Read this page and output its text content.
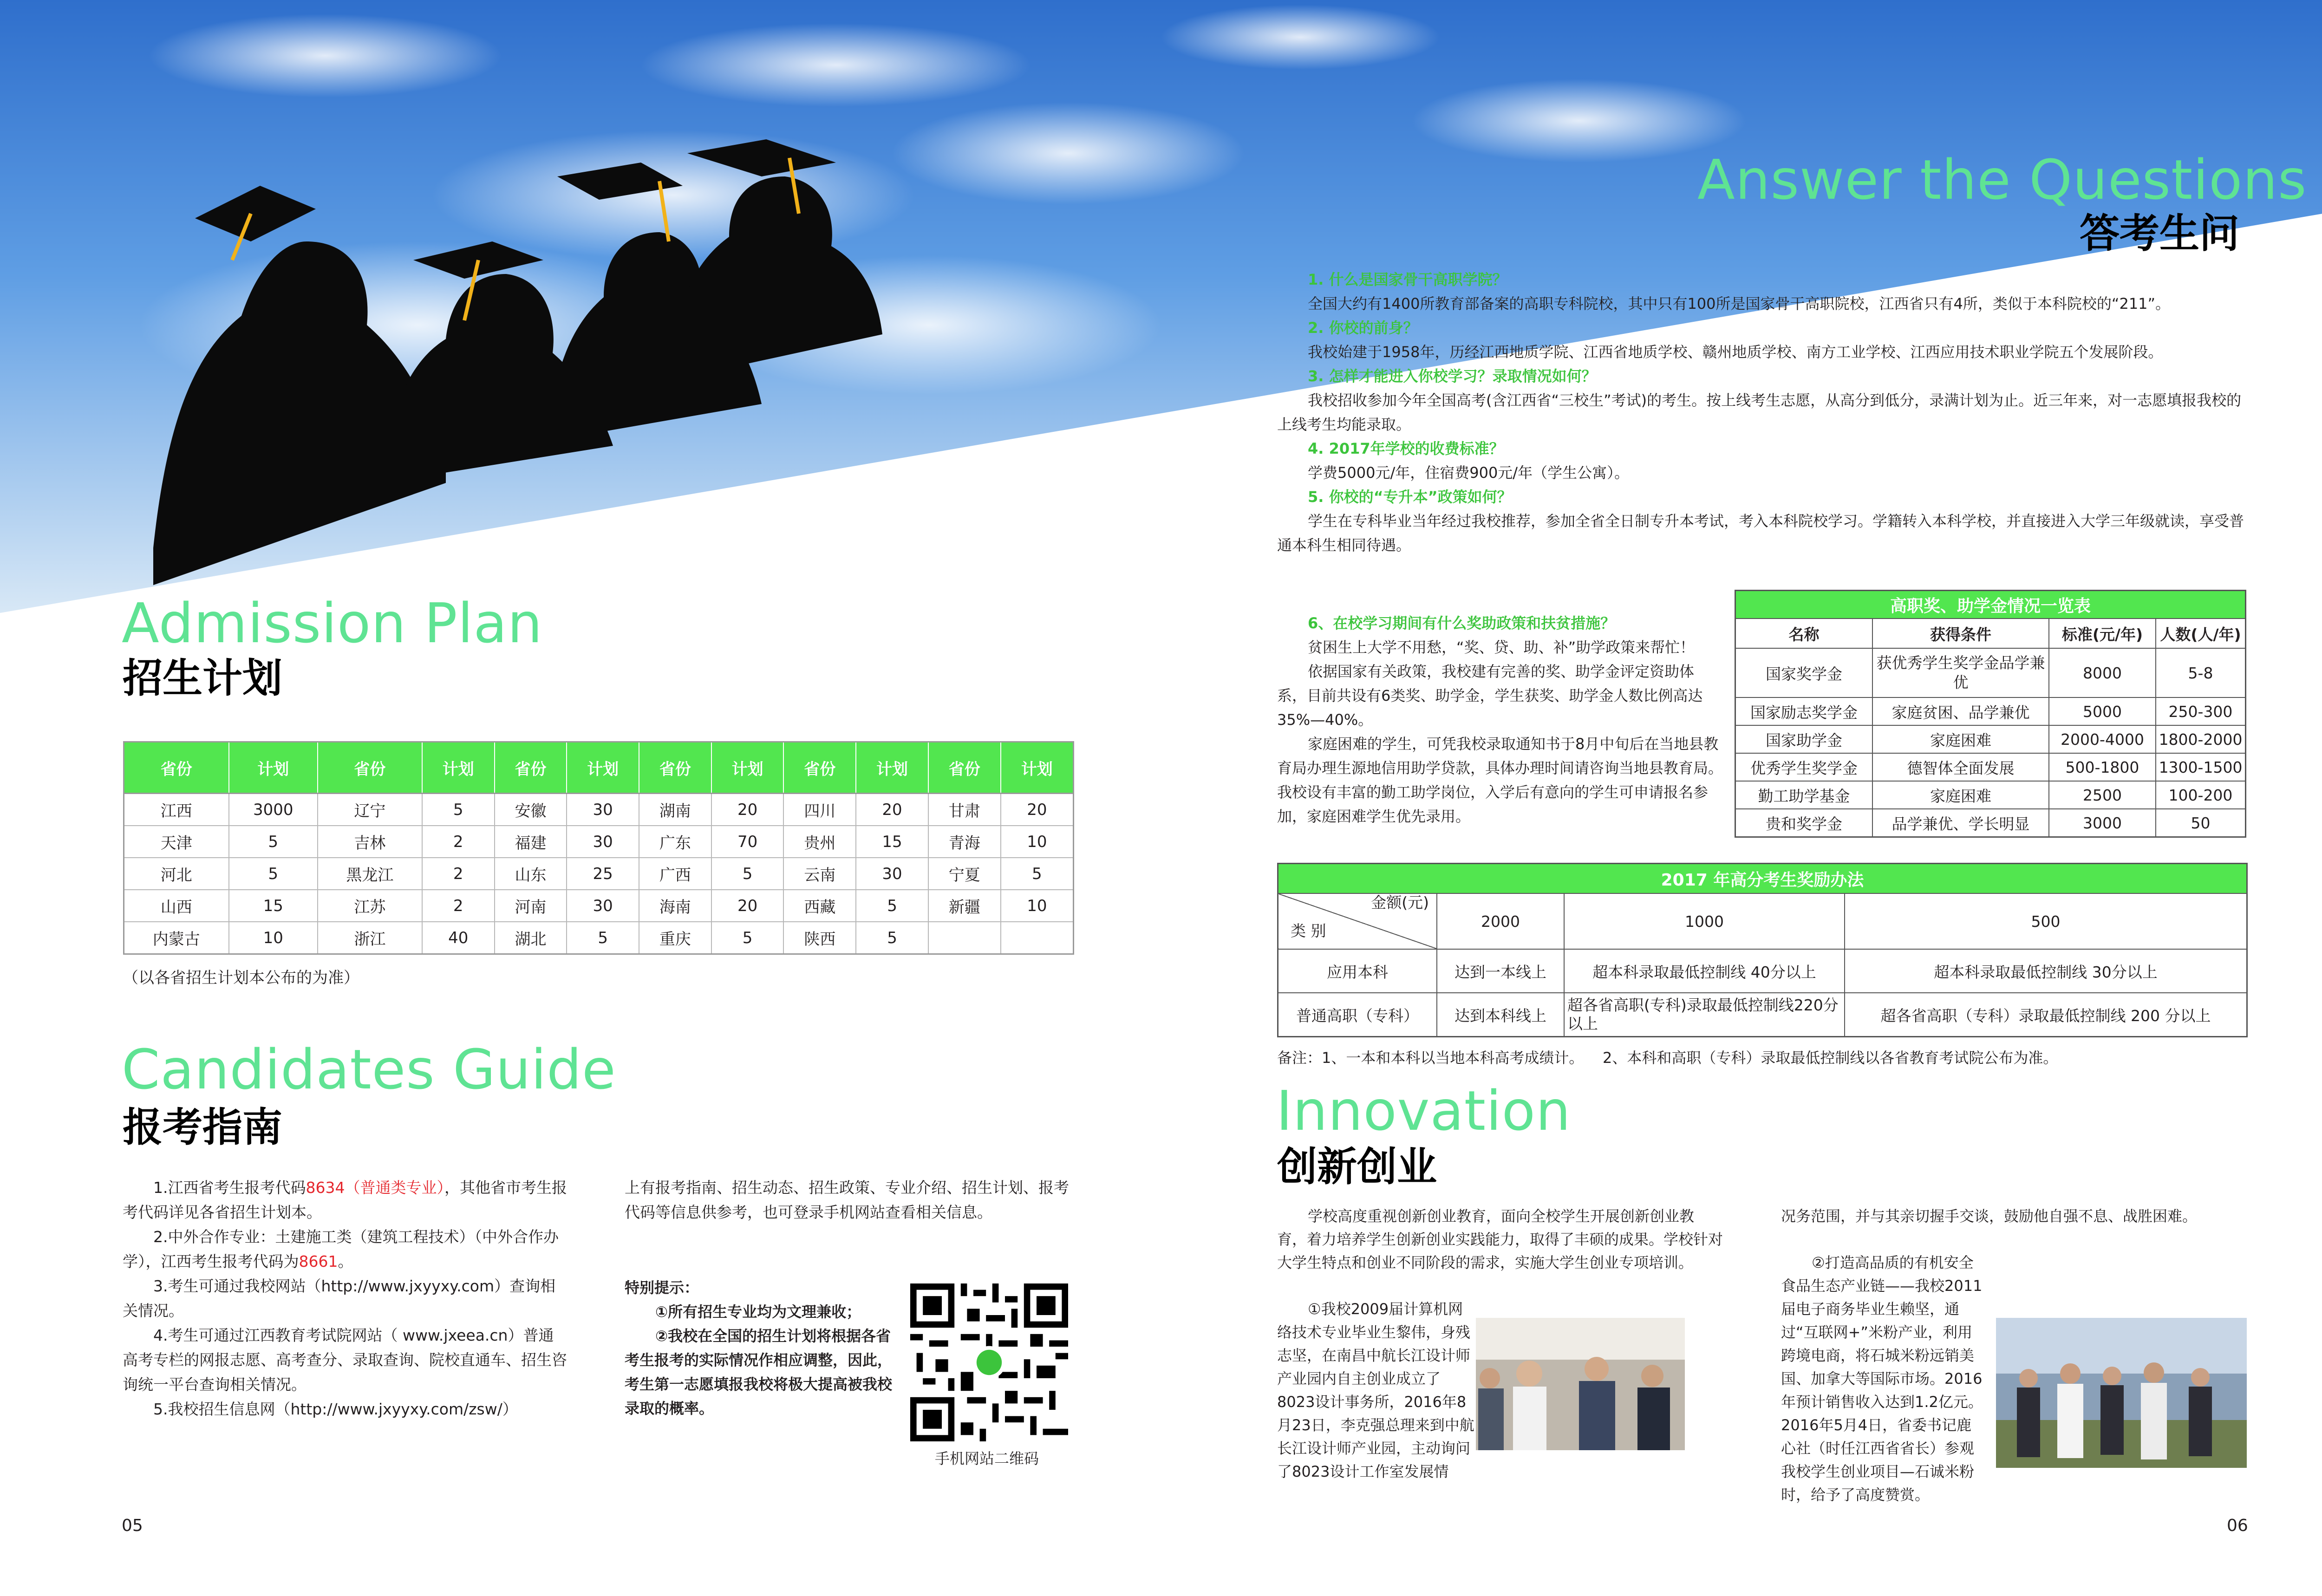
Admission Plan
招生计划
省份	计划	省份	计划	省份	计划	省份	计划	省份	计划	省份	计划
江西	3000	辽宁	5	安徽	30	湖南	20	四川	20	甘肃	20
天津	5	吉林	2	福建	30	广东	70	贵州	15	青海	10
河北	5	黑龙江	2	山东	25	广西	5	云南	30	宁夏	5
山西	15	江苏	2	河南	30	海南	20	西藏	5	新疆	10
内蒙古	10	浙江	40	湖北	5	重庆	5	陕西	5		
（以各省招生计划本公布的为准）
Candidates Guide
报考指南

1.江西省考生报考代码8634（普通类专业），其他省市考生报考代码详见各省招生计划本。

2.中外合作专业：土建施工类（建筑工程技术）（中外合作办学），江西考生报考代码为8661。

3.考生可通过我校网站（http://www.jxyyxy.com）查询相关情况。

4.考生可通过江西教育考试院网站（ www.jxeea.cn）普通高考专栏的网报志愿、高考查分、录取查询、院校直通车、招生咨询统一平台查询相关情况。

5.我校招生信息网（http://www.jxyyxy.com/zsw/）

上有报考指南、招生动态、招生政策、专业介绍、招生计划、报考代码等信息供参考，也可登录手机网站查看相关信息。

特别提示：

①所有招生专业均为文理兼收；

②我校在全国的招生计划将根据各省考生报考的实际情况作相应调整，因此，考生第一志愿填报我校将极大提高被我校录取的概率。

手机网站二维码
05
Answer the Questions
答考生问

1. 什么是国家骨干高职学院？

全国大约有1400所教育部备案的高职专科院校，其中只有100所是国家骨干高职院校，江西省只有4所，类似于本科院校的“211”。

2. 你校的前身？

我校始建于1958年，历经江西地质学院、江西省地质学校、赣州地质学校、南方工业学校、江西应用技术职业学院五个发展阶段。

3. 怎样才能进入你校学习？录取情况如何？

我校招收参加今年全国高考(含江西省“三校生”考试)的考生。按上线考生志愿，从高分到低分，录满计划为止。近三年来，对一志愿填报我校的上线考生均能录取。

4. 2017年学校的收费标准？

学费5000元/年，住宿费900元/年（学生公寓）。

5. 你校的“专升本”政策如何？

学生在专科毕业当年经过我校推荐，参加全省全日制专升本考试，考入本科院校学习。学籍转入本科学校，并直接进入大学三年级就读，享受普通本科生相同待遇。

6、在校学习期间有什么奖助政策和扶贫措施？

贫困生上大学不用愁，“奖、贷、助、补”助学政策来帮忙！

依据国家有关政策，我校建有完善的奖、助学金评定资助体系，目前共设有6类奖、助学金，学生获奖、助学金人数比例高达35%—40%。

家庭困难的学生，可凭我校录取通知书于8月中旬后在当地县教育局办理生源地信用助学贷款，具体办理时间请咨询当地县教育局。我校设有丰富的勤工助学岗位，入学后有意向的学生可申请报名参加，家庭困难学生优先录用。

高职奖、助学金情况一览表			
名称	获得条件	标准(元/年)	人数(人/年)
国家奖学金	获优秀学生奖学金品学兼优	8000	5-8
国家励志奖学金	家庭贫困、品学兼优	5000	250-300
国家助学金	家庭困难	2000-4000	1800-2000
优秀学生奖学金	德智体全面发展	500-1800	1300-1500
勤工助学基金	家庭困难	2500	100-200
贵和奖学金	品学兼优、学长明显	3000	50
2017 年高分考生奖励办法			

金额(元)
类 别	2000	1000	500
应用本科	达到一本线上	超本科录取最低控制线 40分以上	超本科录取最低控制线 30分以上
普通高职（专科）	达到本科线上	超各省高职(专科)录取最低控制线220分以上	超各省高职（专科）录取最低控制线 200 分以上
备注：1、一本和本科以当地本科高考成绩计。    2、本科和高职（专科）录取最低控制线以各省教育考试院公布为准。
Innovation
创新创业

学校高度重视创新创业教育，面向全校学生开展创新创业教育，着力培养学生创新创业实践能力，取得了丰硕的成果。学校针对大学生特点和创业不同阶段的需求，实施大学生创业专项培训。

①我校2009届计算机网络技术专业毕业生黎伟，身残志坚，在南昌中航长江设计师产业园内自主创业成立了8023设计事务所，2016年8月23日，李克强总理来到中航长江设计师产业园，主动询问了8023设计工作室发展情

况务范围，并与其亲切握手交谈，鼓励他自强不息、战胜困难。

②打造高品质的有机安全食品生态产业链——我校2011届电子商务毕业生赖坚，通过“互联网+”米粉产业，利用跨境电商，将石城米粉远销美国、加拿大等国际市场。2016年预计销售收入达到1.2亿元。2016年5月4日，省委书记鹿心社（时任江西省省长）参观我校学生创业项目—石诚米粉时，给予了高度赞赏。

06
